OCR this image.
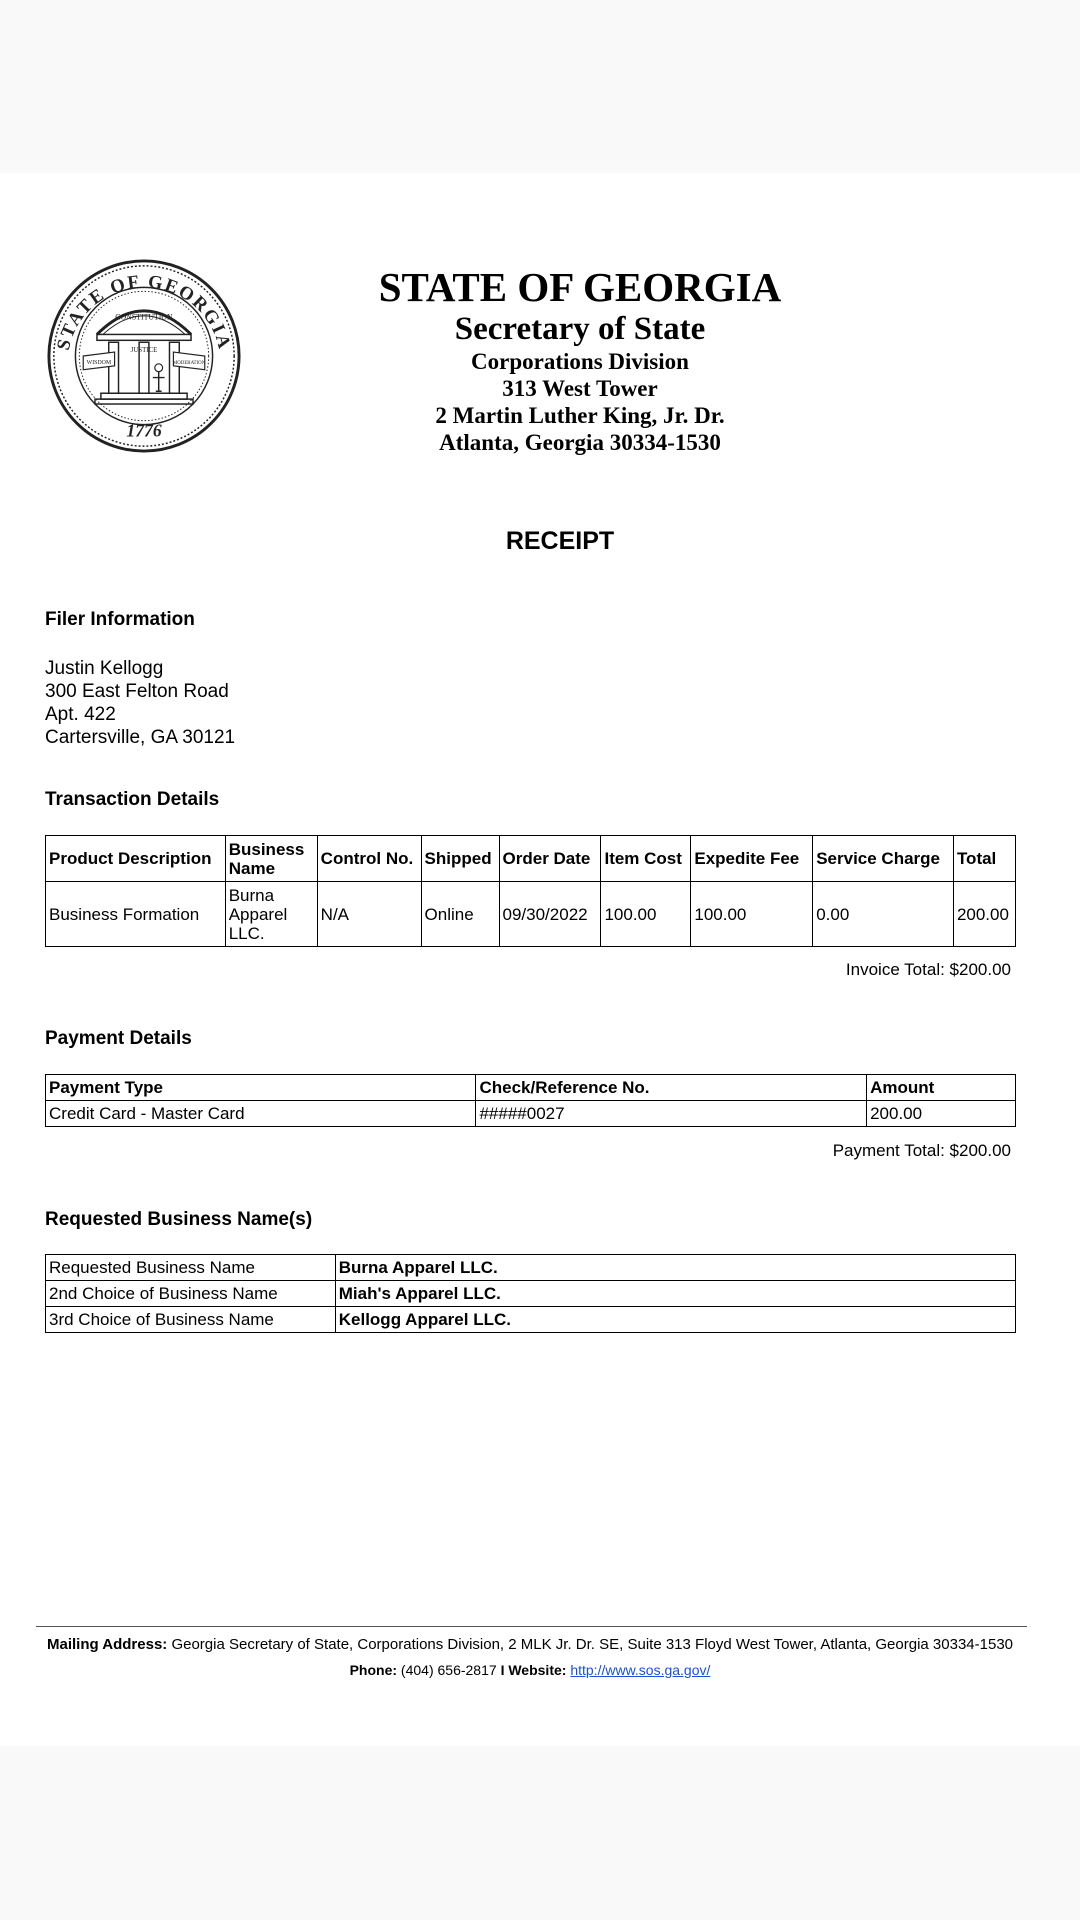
STATE OF GEORGIA
1776
CONSTITUTION
JUSTICE
WISDOM	MODERATION
STATE OF GEORGIA
Secretary of State
Corporations Division
313 West Tower
2 Martin Luther King, Jr. Dr.
Atlanta, Georgia 30334-1530
RECEIPT
Filer Information
Justin Kellogg
300 East Felton Road
Apt. 422
Cartersville, GA 30121
Transaction Details
Product Description	Business Name	Control No.	Shipped	Order Date	Item Cost	Expedite Fee	Service Charge	Total
Business Formation	Burna Apparel LLC.	N/A	Online	09/30/2022	100.00	100.00	0.00	200.00
Invoice Total: $200.00
Payment Details
Payment Type	Check/Reference No.	Amount
Credit Card - Master Card	#####0027	200.00
Payment Total: $200.00
Requested Business Name(s)
Requested Business Name	Burna Apparel LLC.
2nd Choice of Business Name	Miah's Apparel LLC.
3rd Choice of Business Name	Kellogg Apparel LLC.
Mailing Address: Georgia Secretary of State, Corporations Division, 2 MLK Jr. Dr. SE, Suite 313 Floyd West Tower, Atlanta, Georgia 30334-1530
Phone: (404) 656-2817 I Website: http://www.sos.ga.gov/
